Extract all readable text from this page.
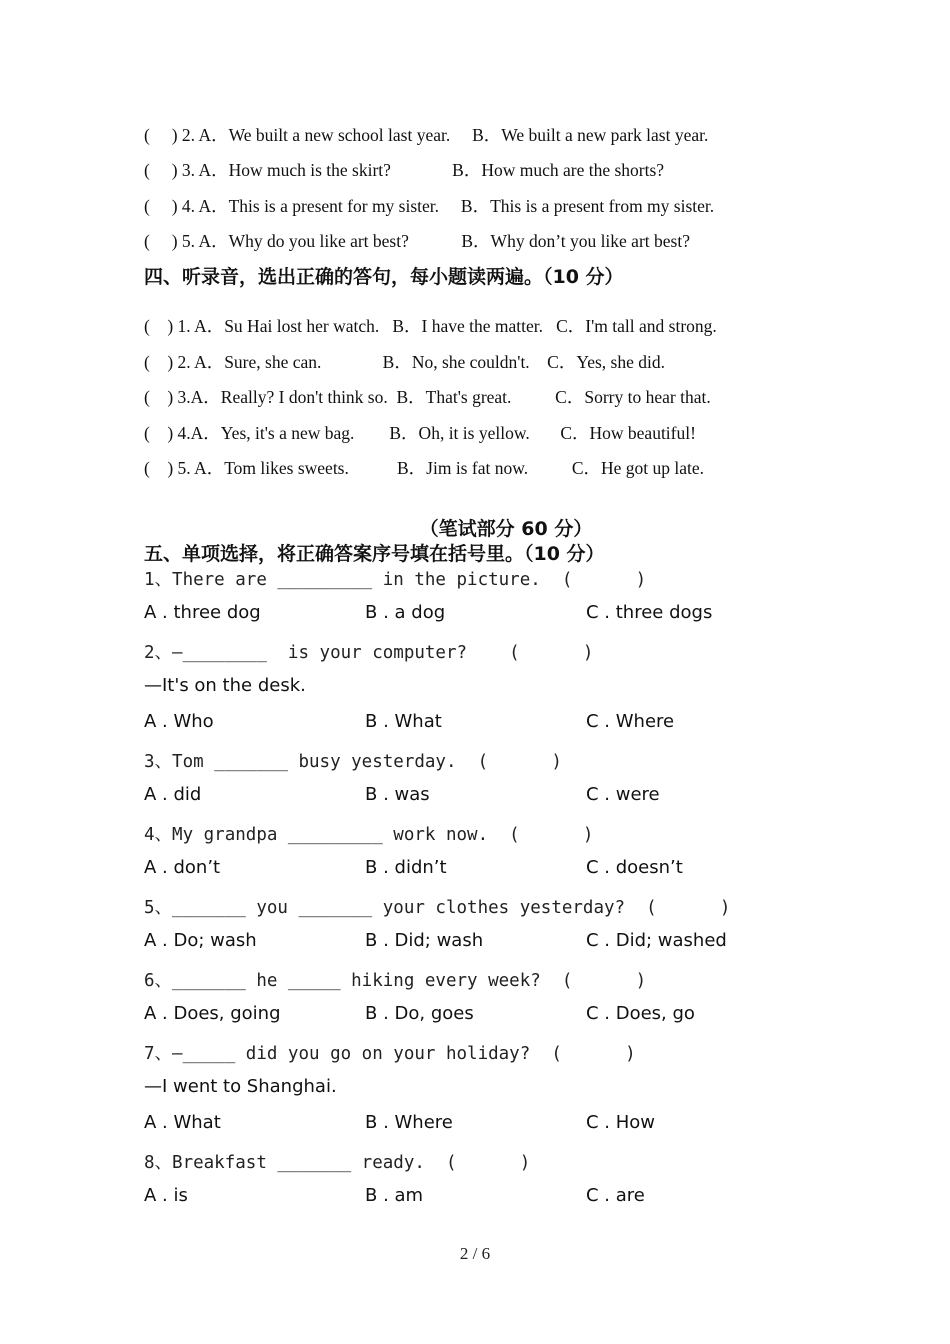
(     ) 2. A．We built a new school last year.     B．We built a new park last year.
(     ) 3. A．How much is the skirt?              B．How much are the shorts?
(     ) 4. A．This is a present for my sister.     B．This is a present from my sister.
(     ) 5. A．Why do you like art best?            B．Why don’t you like art best?
四、听录音，选出正确的答句，每小题读两遍。（10 分）
(    ) 1. A．Su Hai lost her watch.   B．I have the matter.   C．I'm tall and strong.
(    ) 2. A．Sure, she can.              B．No, she couldn't.    C．Yes, she did.
(    ) 3.A．Really? I don't think so.  B．That's great.          C．Sorry to hear that.
(    ) 4.A．Yes, it's a new bag.        B．Oh, it is yellow.       C．How beautiful!
(    ) 5. A．Tom likes sweets.           B．Jim is fat now.          C．He got up late.
（笔试部分 60 分）
五、单项选择，将正确答案序号填在括号里。（10 分）
1、There are _________ in the picture.  (      )
A . three dog	B . a dog	C . three dogs
2、—________  is your computer?    (      )
—It's on the desk.
A . Who	B . What	C . Where
3、Tom _______ busy yesterday.  (      )
A . did	B . was	C . were
4、My grandpa _________ work now.  (      )
A . don’t	B . didn’t	C . doesn’t
5、_______ you _______ your clothes yesterday?  (      )
A . Do; wash	B . Did; wash	C . Did; washed
6、_______ he _____ hiking every week?  (      )
A . Does, going	B . Do, goes	C . Does, go
7、—_____ did you go on your holiday?  (      )
—I went to Shanghai.
A . What	B . Where	C . How
8、Breakfast _______ ready.  (      )
A . is	B . am	C . are
2 / 6
